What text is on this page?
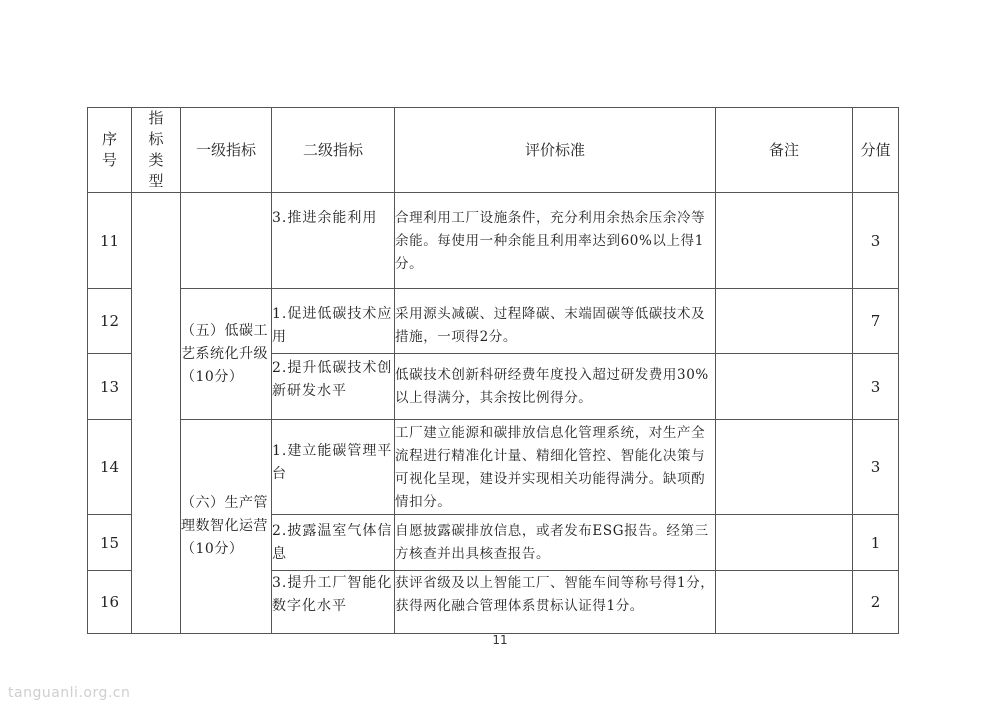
序号	指标类型	一级指标	二级指标	评价标准	备注	分值
11			3.推进余能利用	合理利用工厂设施条件，充分利用余热余压余冷等余能。每使用一种余能且利用率达到60%以上得1分。		3
12		（五）低碳工艺系统化升级（10分）	1.促进低碳技术应用	采用源头减碳、过程降碳、末端固碳等低碳技术及措施，一项得2分。		7
13			2.提升低碳技术创新研发水平	低碳技术创新科研经费年度投入超过研发费用30%以上得满分，其余按比例得分。		3
14		（六）生产管理数智化运营（10分）	1.建立能碳管理平台	工厂建立能源和碳排放信息化管理系统，对生产全流程进行精准化计量、精细化管控、智能化决策与可视化呈现，建设并实现相关功能得满分。缺项酌情扣分。		3
15			2.披露温室气体信息	自愿披露碳排放信息，或者发布ESG报告。经第三方核查并出具核查报告。		1
16			3.提升工厂智能化数字化水平	获评省级及以上智能工厂、智能车间等称号得1分，获得两化融合管理体系贯标认证得1分。		2
11
tanguanli.org.cn
